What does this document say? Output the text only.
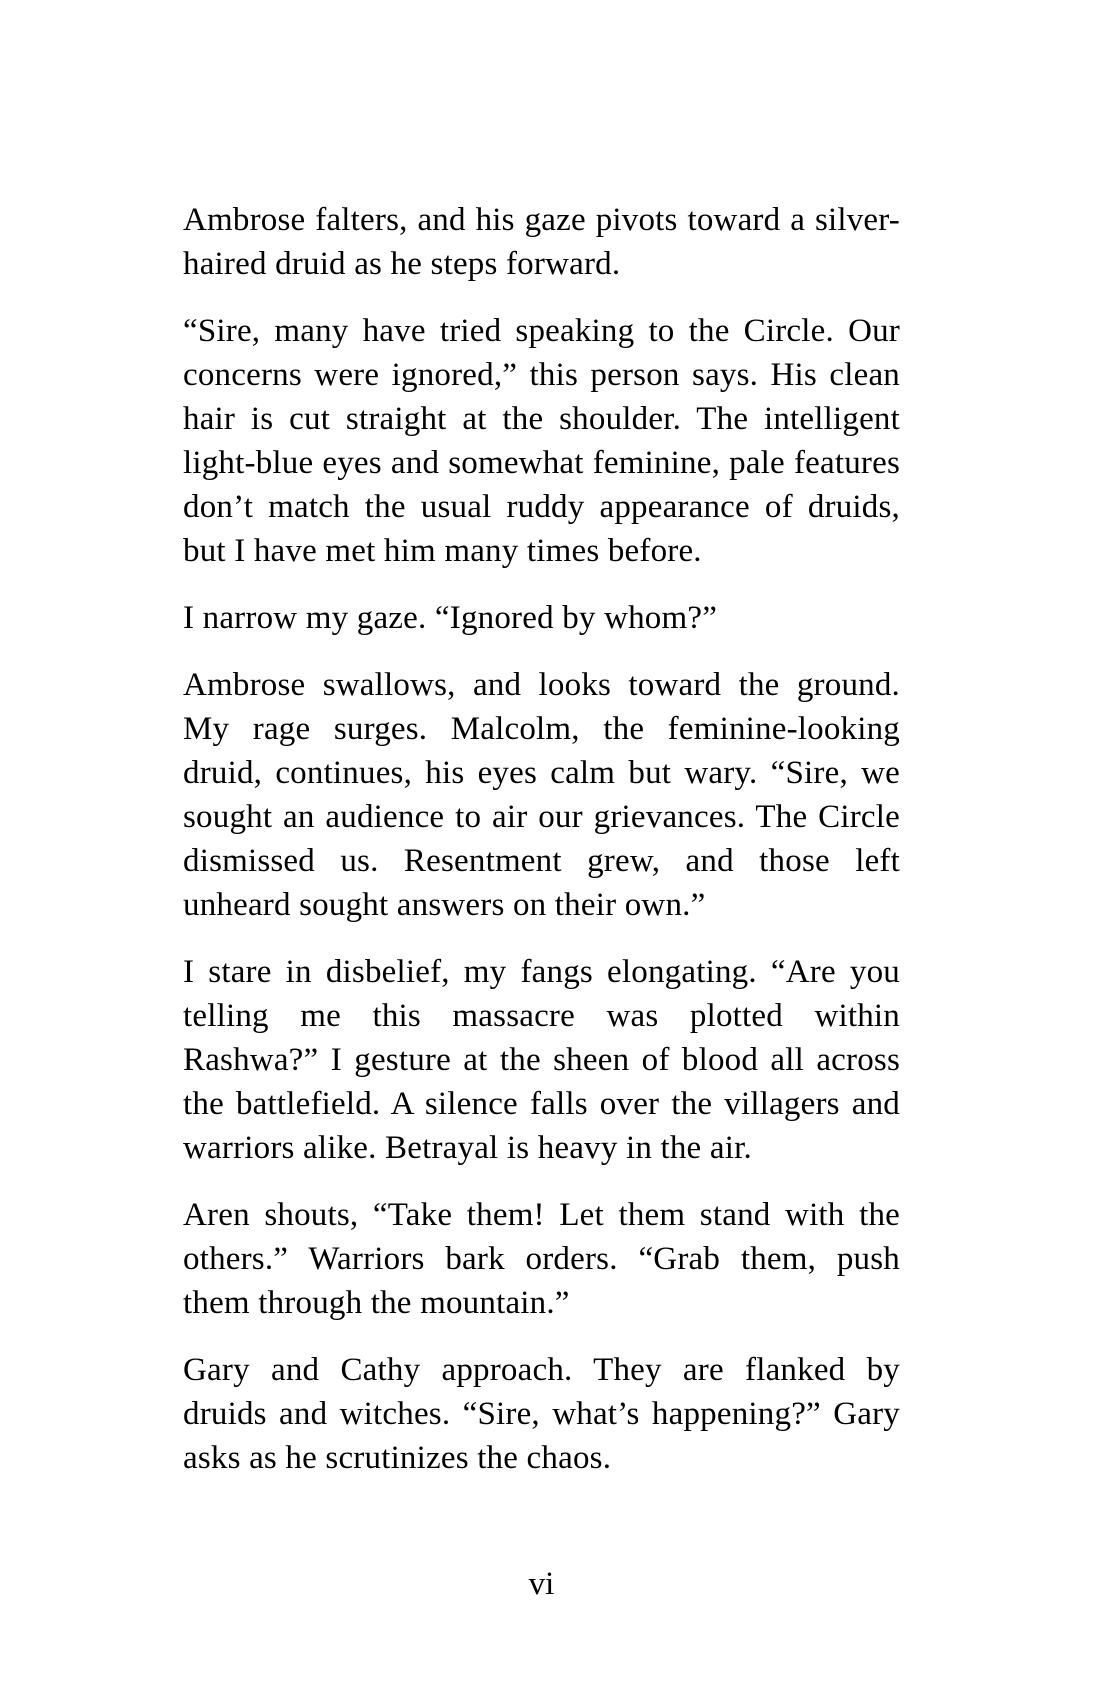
Ambrose falters, and his gaze pivots toward a silver-haired druid as he steps forward.

“Sire, many have tried speaking to the Circle. Our concerns were ignored,” this person says. His clean hair is cut straight at the shoulder. The intelligent light-blue eyes and somewhat feminine, pale features don’t match the usual ruddy appearance of druids, but I have met him many times before.

I narrow my gaze. “Ignored by whom?”

Ambrose swallows, and looks toward the ground. My rage surges. Malcolm, the feminine-looking druid, continues, his eyes calm but wary. “Sire, we sought an audience to air our grievances. The Circle dismissed us. Resentment grew, and those left unheard sought answers on their own.”

I stare in disbelief, my fangs elongating. “Are you telling me this massacre was plotted within Rashwa?” I gesture at the sheen of blood all across the battlefield. A silence falls over the villagers and warriors alike. Betrayal is heavy in the air.

Aren shouts, “Take them! Let them stand with the others.” Warriors bark orders. “Grab them, push them through the mountain.”

Gary and Cathy approach. They are flanked by druids and witches. “Sire, what’s happening?” Gary asks as he scrutinizes the chaos.

vi
